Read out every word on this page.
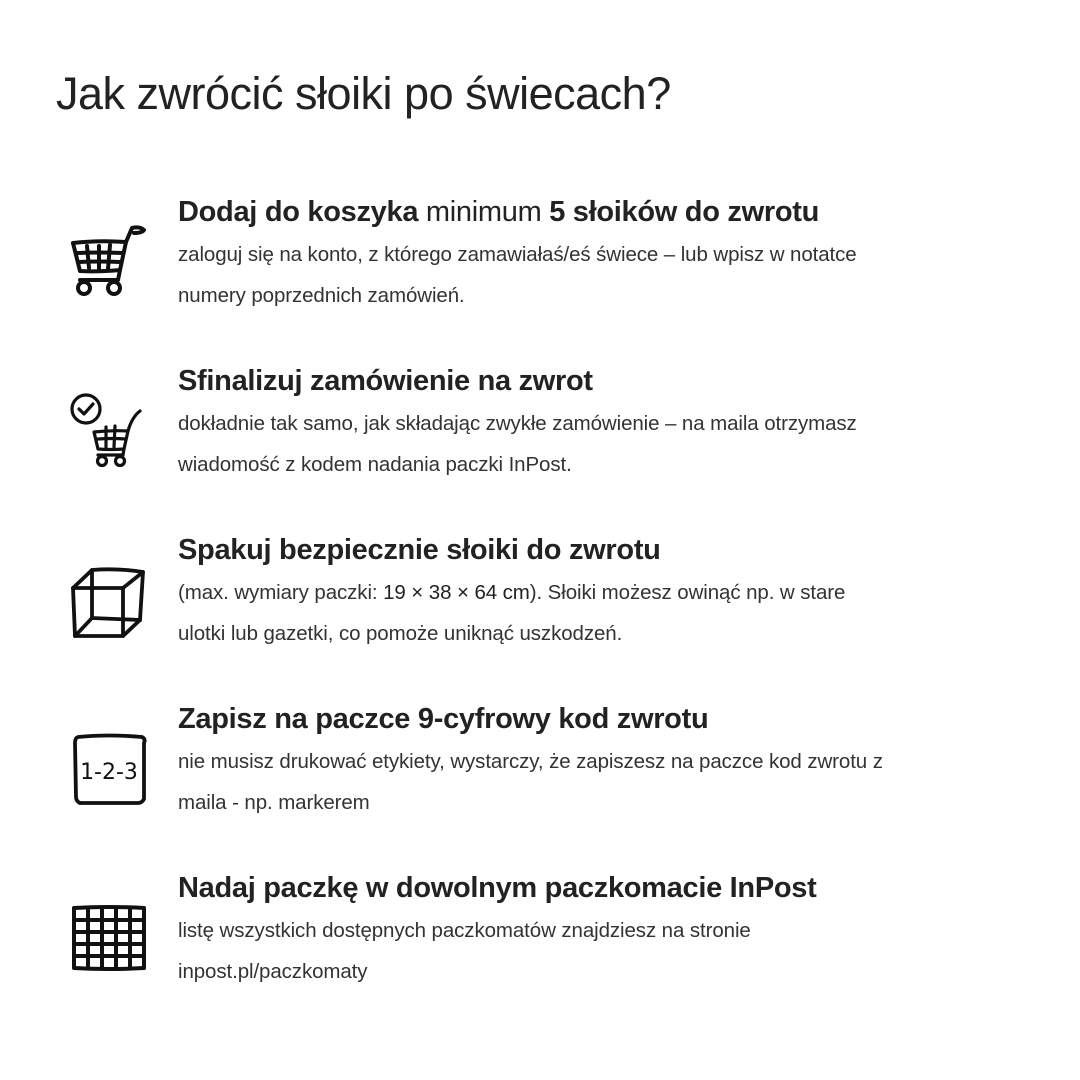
Jak zwrócić słoiki po świecach?
Dodaj do koszyka minimum 5 słoików do zwrotu

zaloguj się na konto, z którego zamawiałaś/eś świece – lub wpisz w notatce
numery poprzednich zamówień.

Sfinalizuj zamówienie na zwrot

dokładnie tak samo, jak składając zwykłe zamówienie – na maila otrzymasz
wiadomość z kodem nadania paczki InPost.

Spakuj bezpiecznie słoiki do zwrotu

(max. wymiary paczki: 19 × 38 × 64 cm). Słoiki możesz owinąć np. w stare
ulotki lub gazetki, co pomoże uniknąć uszkodzeń.

1-2-3
Zapisz na paczce 9-cyfrowy kod zwrotu

nie musisz drukować etykiety, wystarczy, że zapiszesz na paczce kod zwrotu z
maila - np. markerem

Nadaj paczkę w dowolnym paczkomacie InPost

listę wszystkich dostępnych paczkomatów znajdziesz na stronie
inpost.pl/paczkomaty
